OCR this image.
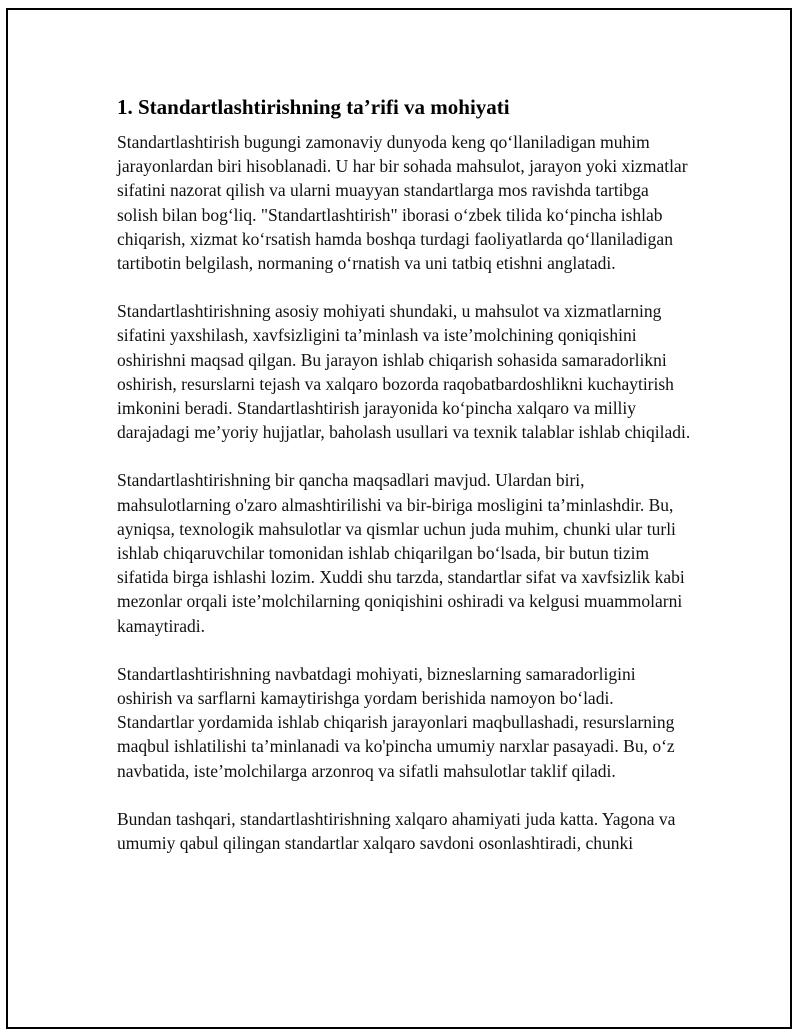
1. Standartlashtirishning ta’rifi va mohiyati

Standartlashtirish bugungi zamonaviy dunyoda keng qo‘llaniladigan muhim jarayonlardan biri hisoblanadi. U har bir sohada mahsulot, jarayon yoki xizmatlar sifatini nazorat qilish va ularni muayyan standartlarga mos ravishda tartibga solish bilan bog‘liq. "Standartlashtirish" iborasi o‘zbek tilida ko‘pincha ishlab chiqarish, xizmat ko‘rsatish hamda boshqa turdagi faoliyatlarda qo‘llaniladigan tartibotin belgilash, normaning o‘rnatish va uni tatbiq etishni anglatadi.

Standartlashtirishning asosiy mohiyati shundaki, u mahsulot va xizmatlarning sifatini yaxshilash, xavfsizligini ta’minlash va iste’molchining qoniqishini oshirishni maqsad qilgan. Bu jarayon ishlab chiqarish sohasida samaradorlikni oshirish, resurslarni tejash va xalqaro bozorda raqobatbardoshlikni kuchaytirish imkonini beradi. Standartlashtirish jarayonida ko‘pincha xalqaro va milliy darajadagi me’yoriy hujjatlar, baholash usullari va texnik talablar ishlab chiqiladi.

Standartlashtirishning bir qancha maqsadlari mavjud. Ulardan biri, mahsulotlarning o'zaro almashtirilishi va bir-biriga mosligini ta’minlashdir. Bu, ayniqsa, texnologik mahsulotlar va qismlar uchun juda muhim, chunki ular turli ishlab chiqaruvchilar tomonidan ishlab chiqarilgan bo‘lsada, bir butun tizim sifatida birga ishlashi lozim. Xuddi shu tarzda, standartlar sifat va xavfsizlik kabi mezonlar orqali iste’molchilarning qoniqishini oshiradi va kelgusi muammolarni kamaytiradi.

Standartlashtirishning navbatdagi mohiyati, bizneslarning samaradorligini oshirish va sarflarni kamaytirishga yordam berishida namoyon bo‘ladi. Standartlar yordamida ishlab chiqarish jarayonlari maqbullashadi, resurslarning maqbul ishlatilishi ta’minlanadi va ko'pincha umumiy narxlar pasayadi. Bu, o‘z navbatida, iste’molchilarga arzonroq va sifatli mahsulotlar taklif qiladi.

Bundan tashqari, standartlashtirishning xalqaro ahamiyati juda katta. Yagona va umumiy qabul qilingan standartlar xalqaro savdoni osonlashtiradi, chunki
